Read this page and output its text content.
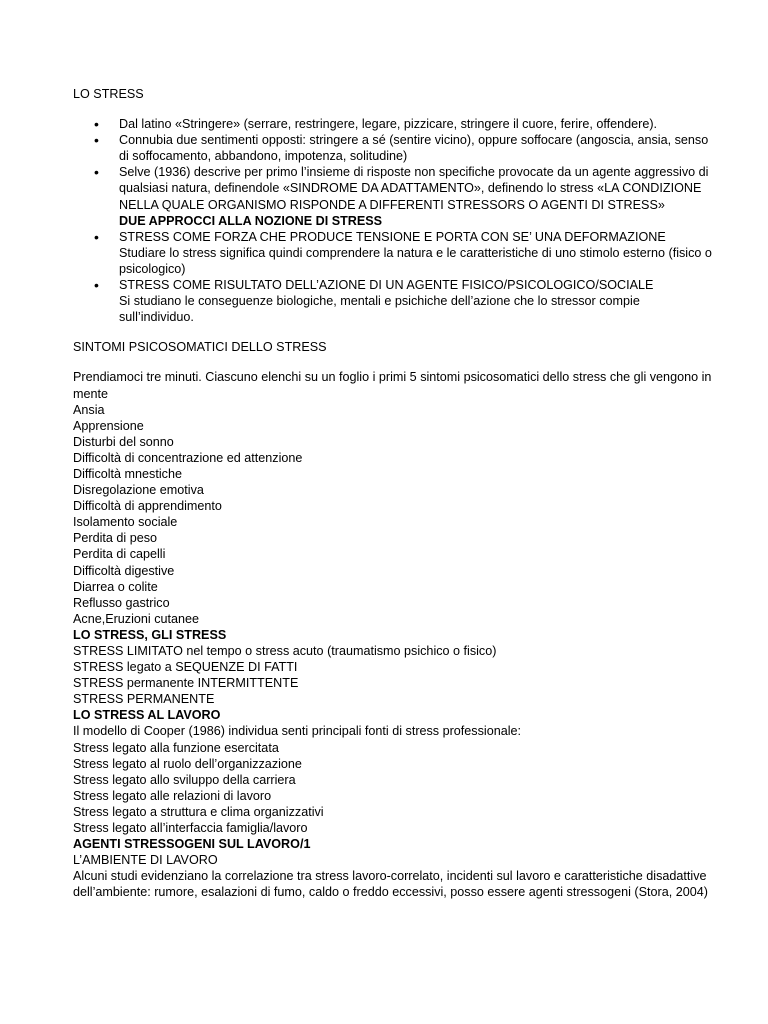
LO STRESS
• Dal latino «Stringere» (serrare, restringere, legare, pizzicare, stringere il cuore, ferire, offendere).
• Connubia due sentimenti opposti: stringere a sé (sentire vicino), oppure soffocare (angoscia, ansia, senso di soffocamento, abbandono, impotenza, solitudine)
• Selve (1936) descrive per primo l’insieme di risposte non specifiche provocate da un agente aggressivo di qualsiasi natura, definendole «SINDROME DA ADATTAMENTO», definendo lo stress «LA CONDIZIONE NELLA QUALE ORGANISMO RISPONDE A DIFFERENTI STRESSORS O AGENTI DI STRESS»
DUE APPROCCI ALLA NOZIONE DI STRESS
• STRESS COME FORZA CHE PRODUCE TENSIONE E PORTA CON SE’ UNA DEFORMAZIONE
Studiare lo stress significa quindi comprendere la natura e le caratteristiche di uno stimolo esterno (fisico o psicologico)
• STRESS COME RISULTATO DELL’AZIONE DI UN AGENTE FISICO/PSICOLOGICO/SOCIALE
Si studiano le conseguenze biologiche, mentali e psichiche dell’azione che lo stressor compie sull’individuo.
SINTOMI PSICOSOMATICI DELLO STRESS
Prendiamoci tre minuti. Ciascuno elenchi su un foglio i primi 5 sintomi psicosomatici dello stress che gli vengono in mente
Ansia
Apprensione
Disturbi del sonno
Difficoltà di concentrazione ed attenzione
Difficoltà mnestiche
Disregolazione emotiva
Difficoltà di apprendimento
Isolamento sociale
Perdita di peso
Perdita di capelli
Difficoltà digestive
Diarrea o colite
Reflusso gastrico
Acne,Eruzioni cutanee
LO STRESS, GLI STRESS
STRESS LIMITATO nel tempo o stress acuto (traumatismo psichico o fisico)
STRESS legato a SEQUENZE DI FATTI
STRESS permanente INTERMITTENTE
STRESS PERMANENTE
LO STRESS AL LAVORO
Il modello di Cooper (1986) individua senti principali fonti di stress professionale:
Stress legato alla funzione esercitata
Stress legato al ruolo dell’organizzazione
Stress legato allo sviluppo della carriera
Stress legato alle relazioni di lavoro
Stress legato a struttura e clima organizzativi
Stress legato all’interfaccia famiglia/lavoro
AGENTI STRESSOGENI SUL LAVORO/1
L’AMBIENTE DI LAVORO
Alcuni studi evidenziano la correlazione tra stress lavoro-correlato, incidenti sul lavoro e caratteristiche disadattive dell’ambiente: rumore, esalazioni di fumo, caldo o freddo eccessivi, posso essere agenti stressogeni (Stora, 2004)
